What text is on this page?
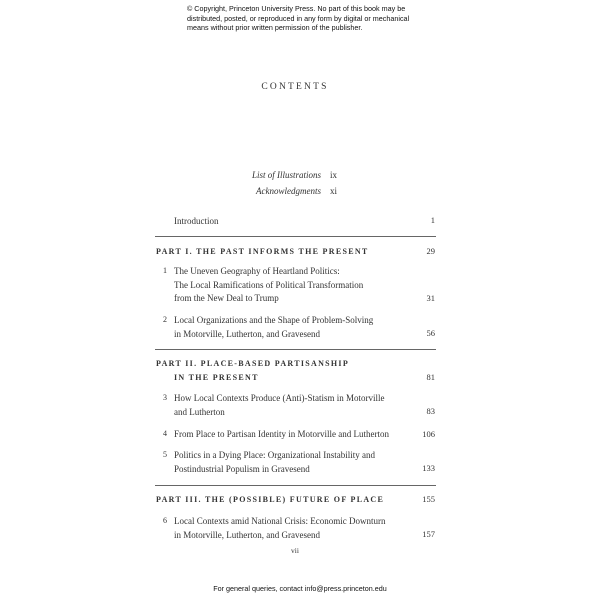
© Copyright, Princeton University Press. No part of this book may be
distributed, posted, or reproduced in any form by digital or mechanical
means without prior written permission of the publisher.
CONTENTS
List of Illustrations ix
Acknowledgments xi
Introduction	1
PART I. THE PAST INFORMS THE PRESENT	29
1 The Uneven Geography of Heartland Politics:
The Local Ramifications of Political Transformation
from the New Deal to Trump	31
2 Local Organizations and the Shape of Problem-Solving
in Motorville, Lutherton, and Gravesend	56
PART II. PLACE-BASED PARTISANSHIP
IN THE PRESENT	81
3 How Local Contexts Produce (Anti)-Statism in Motorville
and Lutherton	83
4 From Place to Partisan Identity in Motorville and Lutherton	106
5 Politics in a Dying Place: Organizational Instability and
Postindustrial Populism in Gravesend	133
PART III. THE (POSSIBLE) FUTURE OF PLACE	155
6 Local Contexts amid National Crisis: Economic Downturn
in Motorville, Lutherton, and Gravesend	157
vii
For general queries, contact info@press.princeton.edu
